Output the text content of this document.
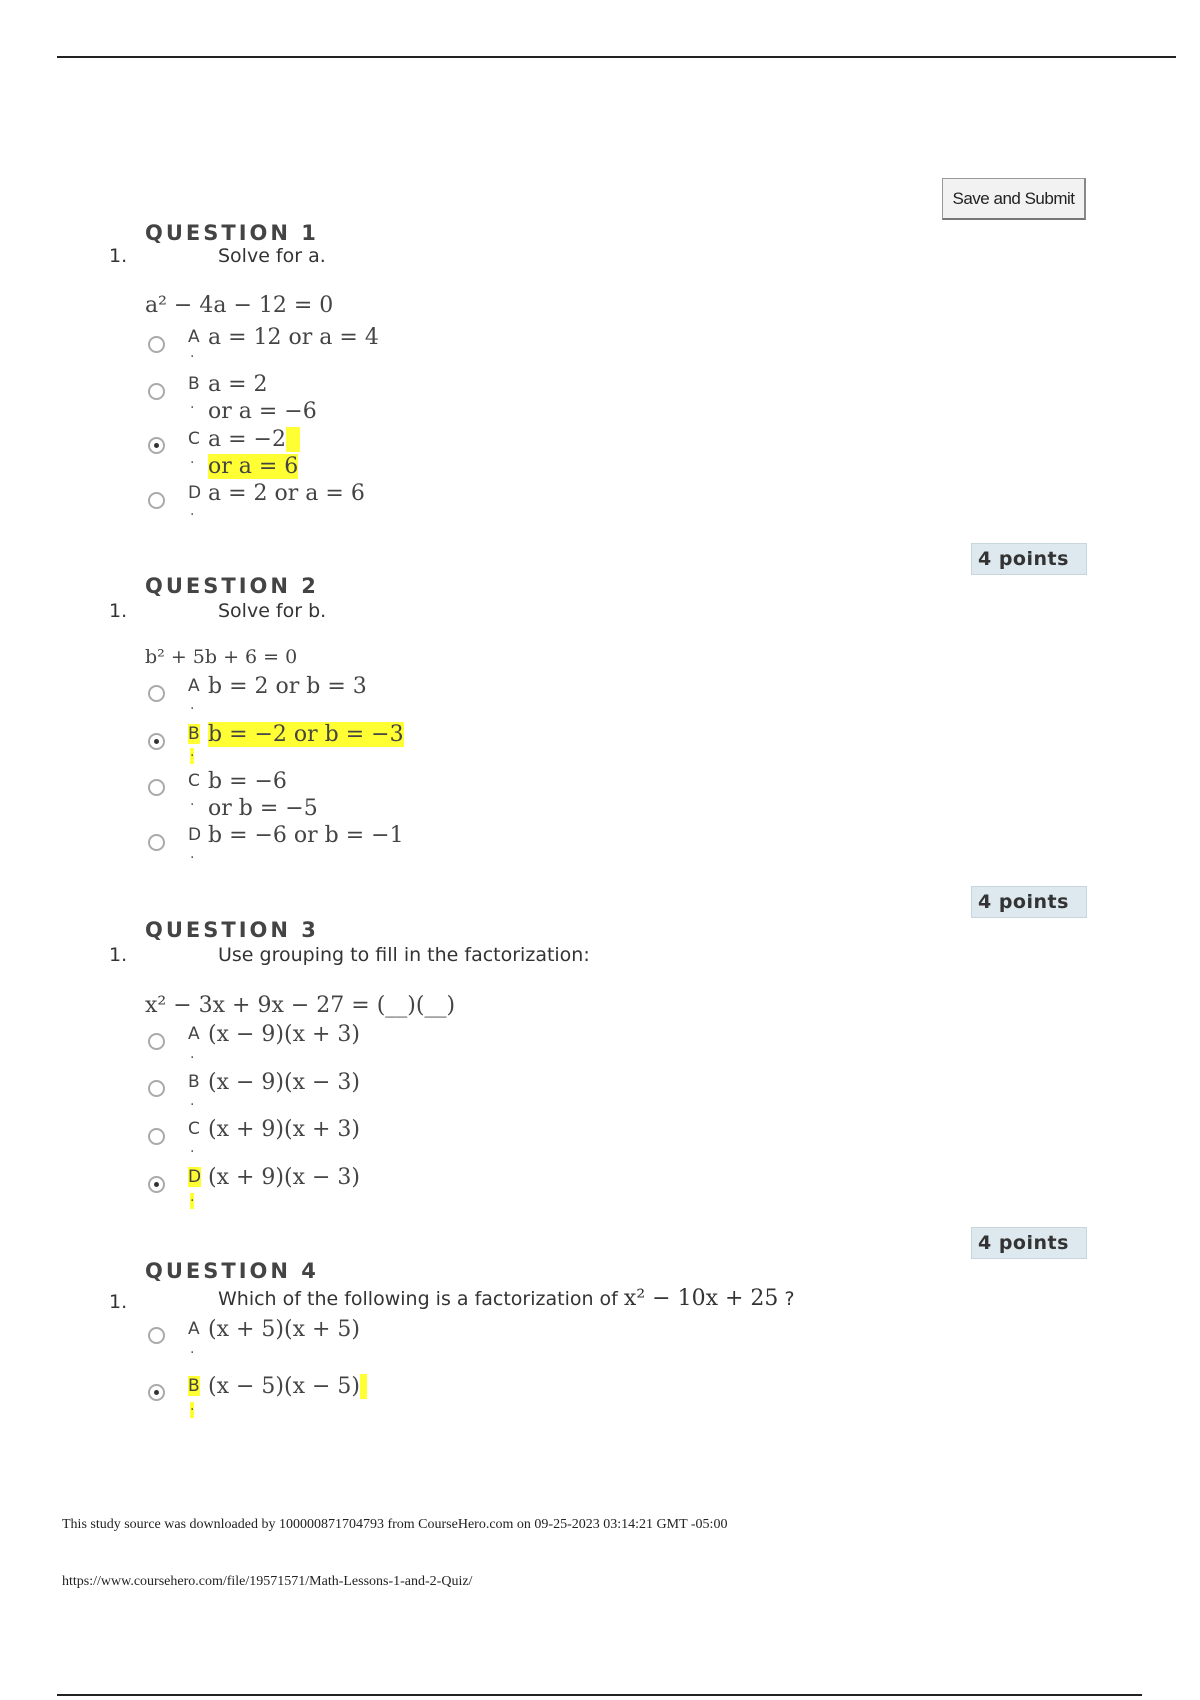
Save and Submit
QUESTION 1
1.	Solve for a.
a² − 4a − 12 = 0
A
·
a = 12 or a = 4
B
·
a = 2
or a = −6
C
·
a = −2
or a = 6
D
·
a = 2 or a = 6
4 points
QUESTION 2
1.	Solve for b.
b² + 5b + 6 = 0
A
·
b = 2 or b = 3
B
·
b = −2 or b = −3
C
·
b = −6
or b = −5
D
·
b = −6 or b = −1
4 points
QUESTION 3
1.	Use grouping to fill in the factorization:
x² − 3x + 9x − 27 = (__)(__)
A
·
(x − 9)(x + 3)
B
·
(x − 9)(x − 3)
C
·
(x + 9)(x + 3)
D
·
(x + 9)(x − 3)
4 points
QUESTION 4
1.	Which of the following is a factorization of x² − 10x + 25 ?
A
·
(x + 5)(x + 5)
B
·
(x − 5)(x − 5)
This study source was downloaded by 100000871704793 from CourseHero.com on 09-25-2023 03:14:21 GMT -05:00
https://www.coursehero.com/file/19571571/Math-Lessons-1-and-2-Quiz/
